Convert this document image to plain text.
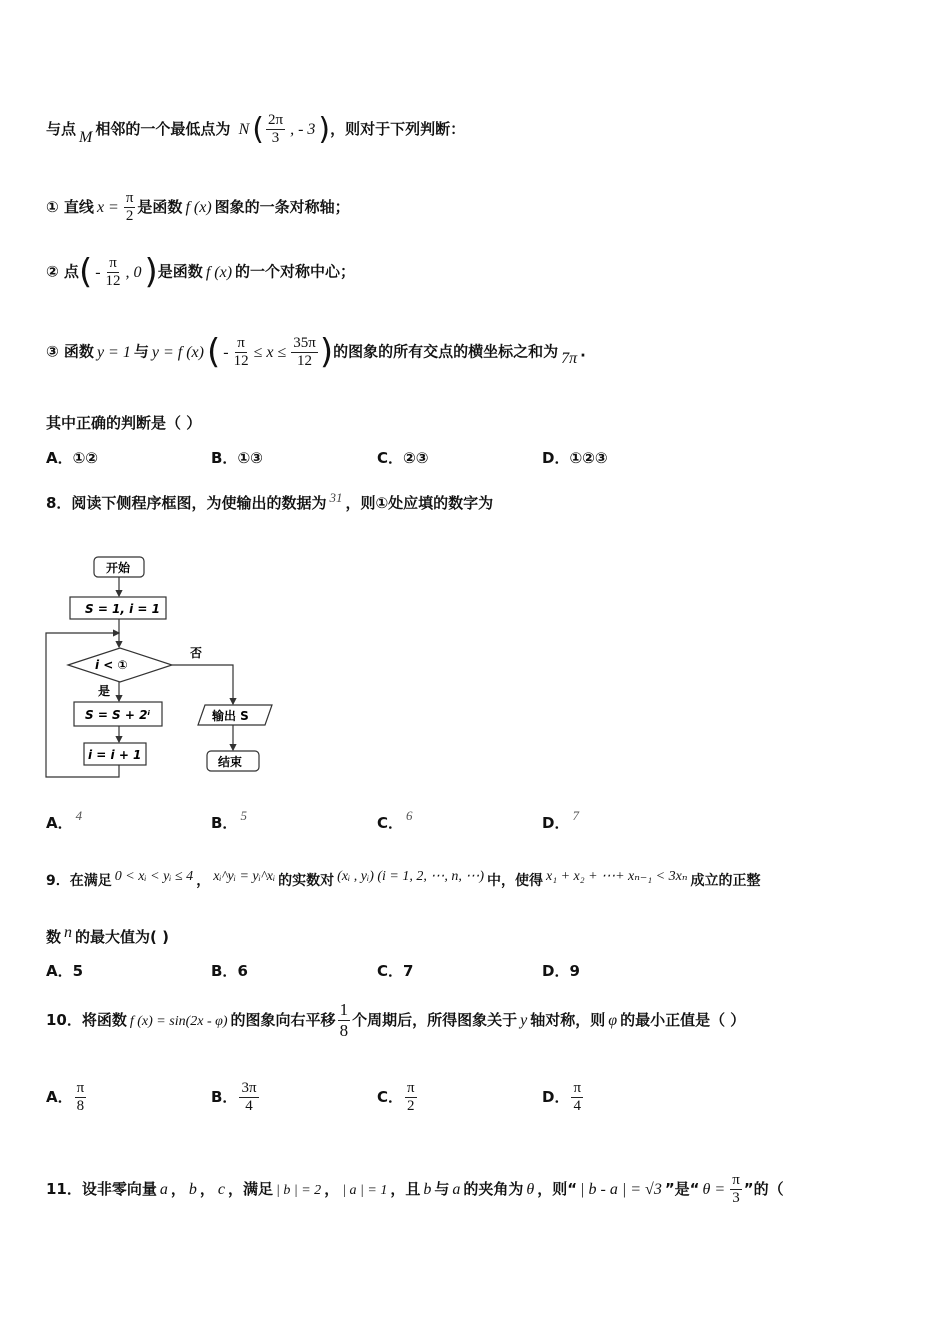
与点 M 相邻的一个最低点为 N ( $\frac{2\pi}{3}$ , - 3 )，则对于下列判断：
① 直线 $x = \frac{\pi}{2}$ 是函数 f (x) 图象的一条对称轴；
② 点( - $\frac{\pi}{12}$ , 0)是函数 f (x) 的一个对称中心；
③ 函数 y = 1 与 y = f $(x)( - \frac{\pi}{12} \le x \le \frac{35\pi}{12}$ )的图象的所有交点的横坐标之和为 7π .
其中正确的判断是（ ）
A．①②	B．①③	C．②③	D．①②③
8．阅读下侧程序框图，为使输出的数据为 31 ，则①处应填的数字为
开始
S = 1, i = 1
i < ①
否
是
S = S + 2ⁱ
i = i + 1
输出 S
结束
A． 4	B． 5	C． 6	D． 7
9．在满足 0 < xᵢ < yᵢ ≤ 4 ， xᵢ^yᵢ = yᵢ^xᵢ 的实数对 (xᵢ , yᵢ) (i = 1, 2, ⋯, n, ⋯) 中，使得 x₁ + x₂ + ⋯+ xₙ₋₁ < 3xₙ 成立的正整
数 n 的最大值为( )
A．5	B．6	C．7	D．9
10．将函数 f (x) = sin(2x - φ) 的图象向右平移 $\frac{1}{8}$ 个周期后，所得图象关于 y 轴对称，则 φ 的最小正值是（ ）
A． $\frac{\pi}{8}$	B． $\frac{3\pi}{4}$	C． $\frac{\pi}{2}$	D． $\frac{\pi}{4}$
11．设非零向量 a ， b ， c ，满足 | b | = 2 ， | a | = 1 ，且 b 与 a 的夹角为 θ ，则“ | b - a | = √3 ”是“ $\theta = \frac{\pi}{3}$ ”的（
